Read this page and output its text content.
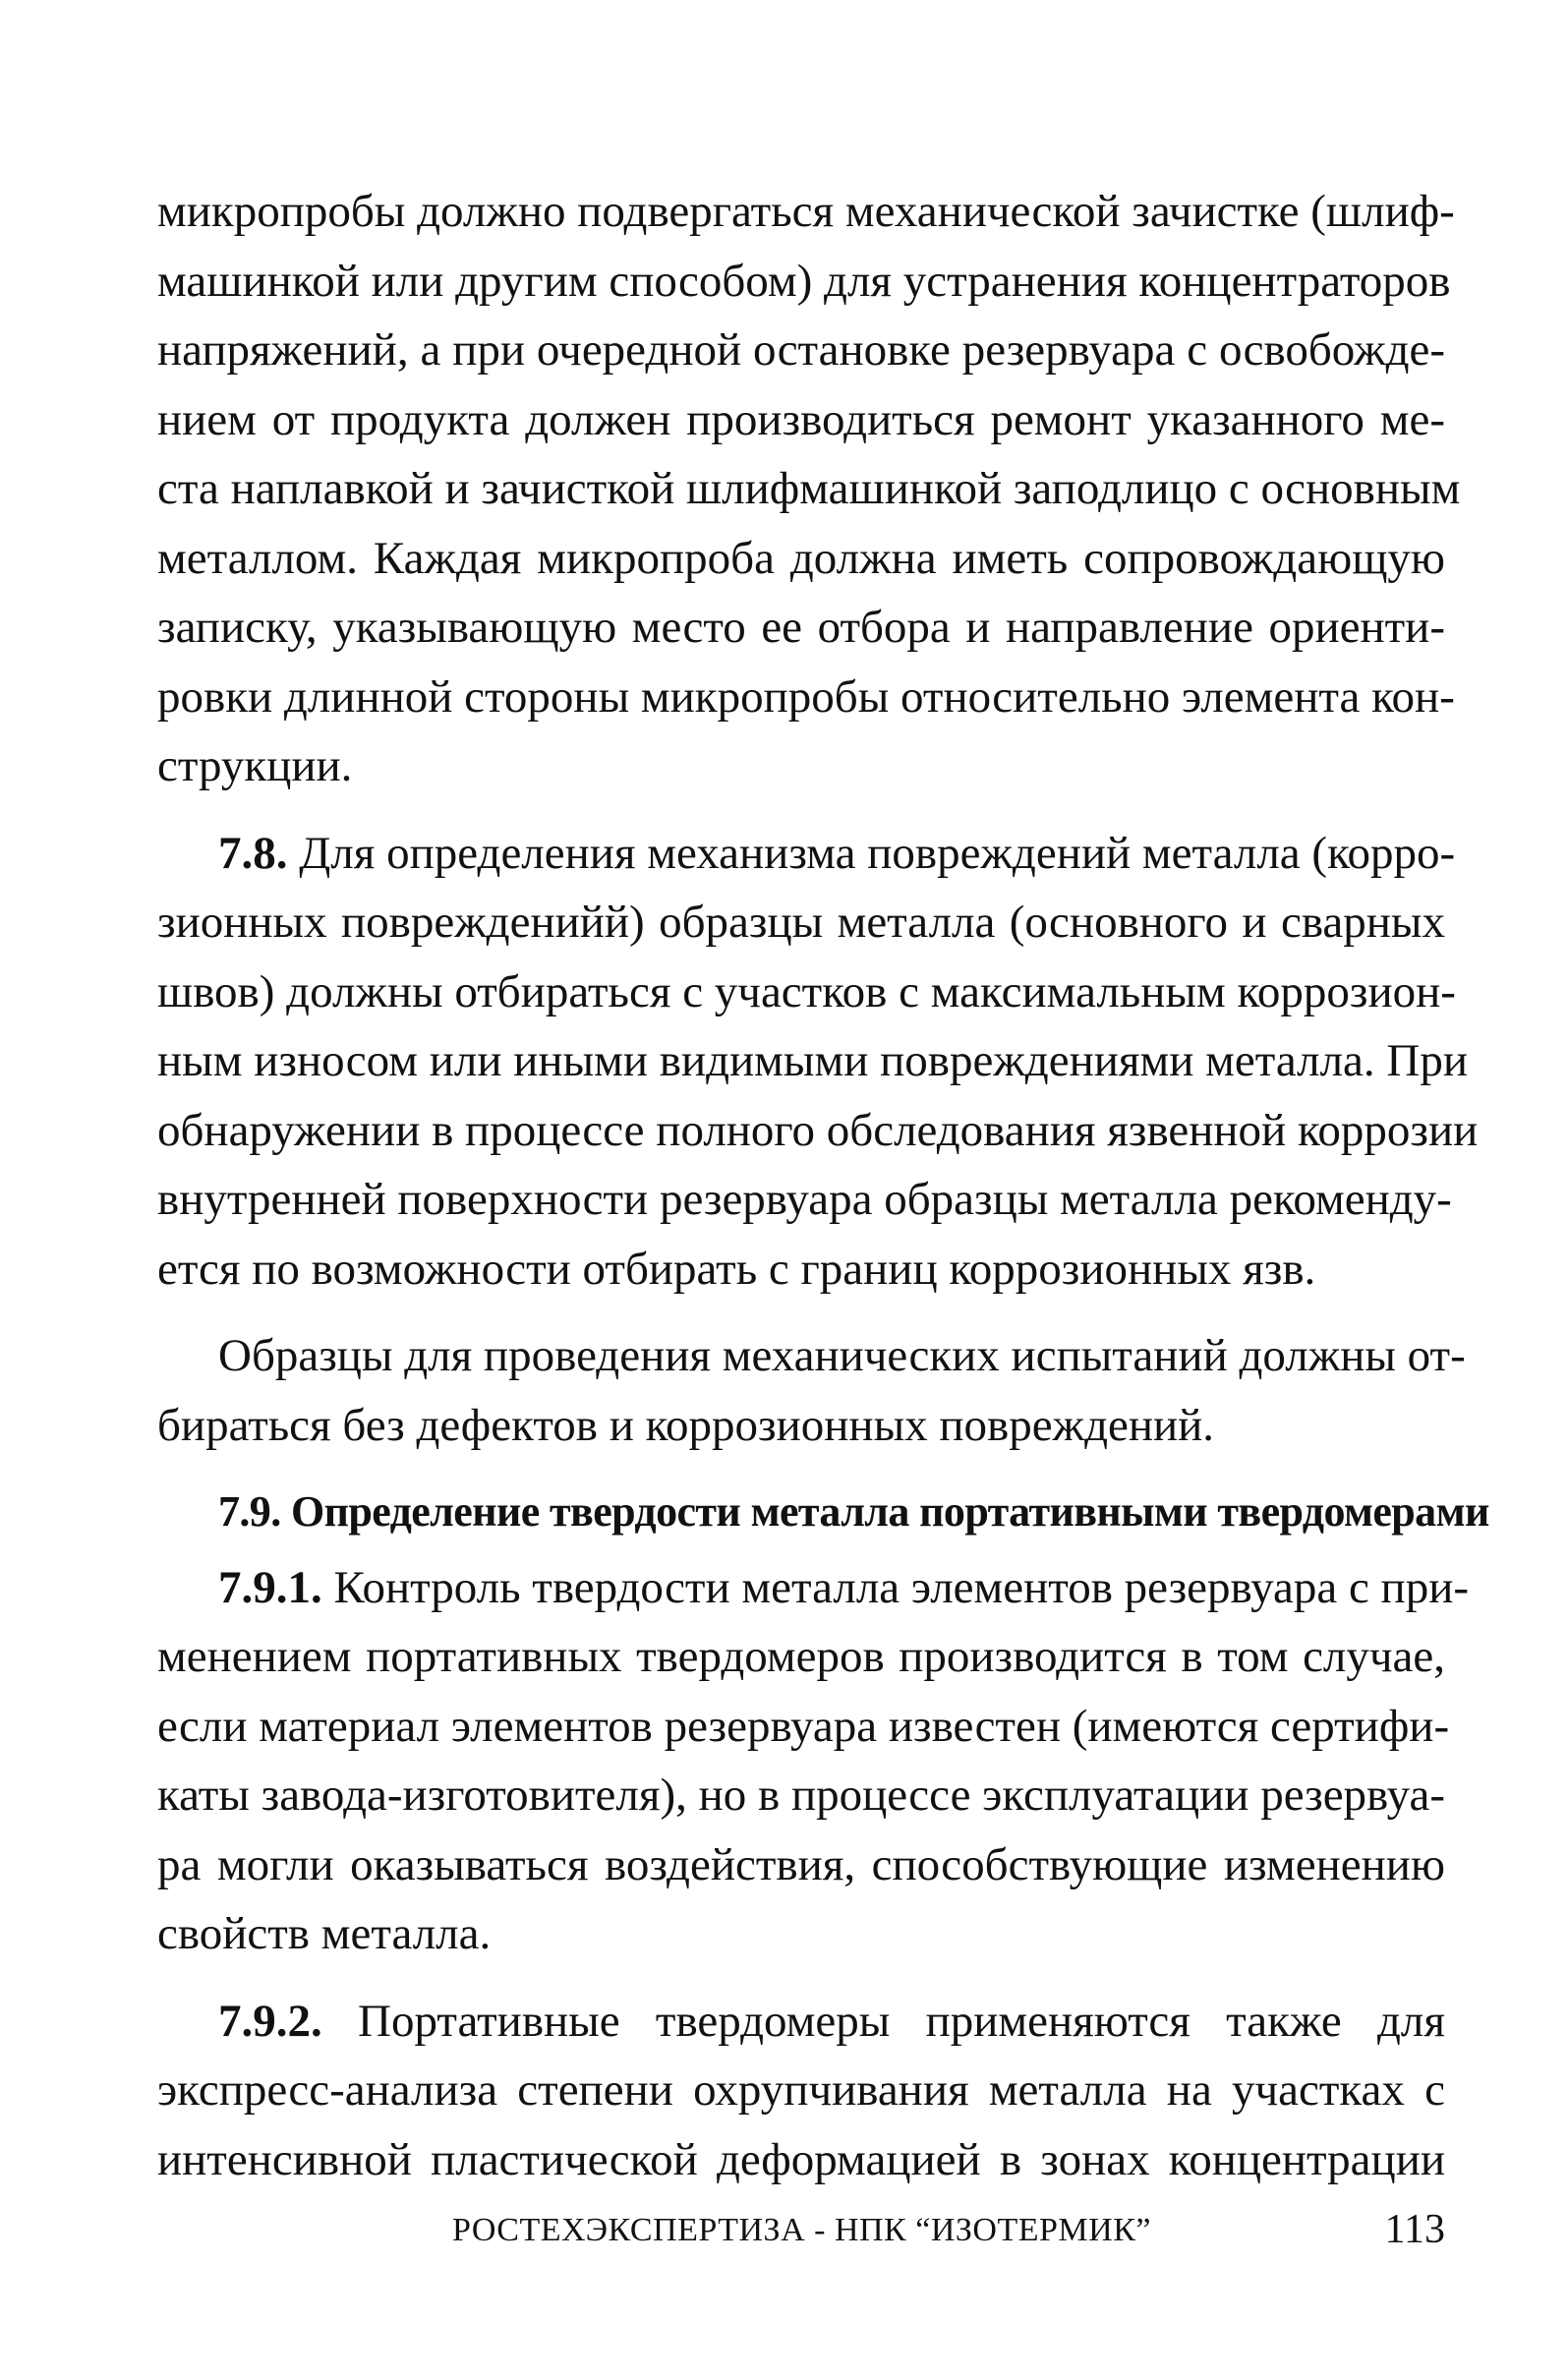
микропробы должно подвергаться механической зачистке (шлиф-
машинкой или другим способом) для устранения концентраторов
напряжений, а при очередной остановке резервуара с освобожде-
нием от продукта должен производиться ремонт указанного ме-
ста наплавкой и зачисткой шлифмашинкой заподлицо с основным
металлом. Каждая микропроба должна иметь сопровождающую
записку, указывающую место ее отбора и направление ориенти-
ровки длинной стороны микропробы относительно элемента кон-
струкции.
7.8. Для определения механизма повреждений металла (корро-
зионных поврежденийй) образцы металла (основного и сварных
швов) должны отбираться с участков с максимальным коррозион-
ным износом или иными видимыми повреждениями металла. При
обнаружении в процессе полного обследования язвенной коррозии
внутренней поверхности резервуара образцы металла рекоменду-
ется по возможности отбирать с границ коррозионных язв.
Образцы для проведения механических испытаний должны от-
бираться без дефектов и коррозионных повреждений.
7.9. Определение твердости металла портативными твердомерами
7.9.1. Контроль твердости металла элементов резервуара с при-
менением портативных твердомеров производится в том случае,
если материал элементов резервуара известен (имеются сертифи-
каты завода-изготовителя), но в процессе эксплуатации резервуа-
ра могли оказываться воздействия, способствующие изменению
свойств металла.
7.9.2. Портативные твердомеры применяются также для
экспресс-анализа степени охрупчивания металла на участках с
интенсивной пластической деформацией в зонах концентрации
РОСТЕХЭКСПЕРТИЗА - НПК “ИЗОТЕРМИК”	113
